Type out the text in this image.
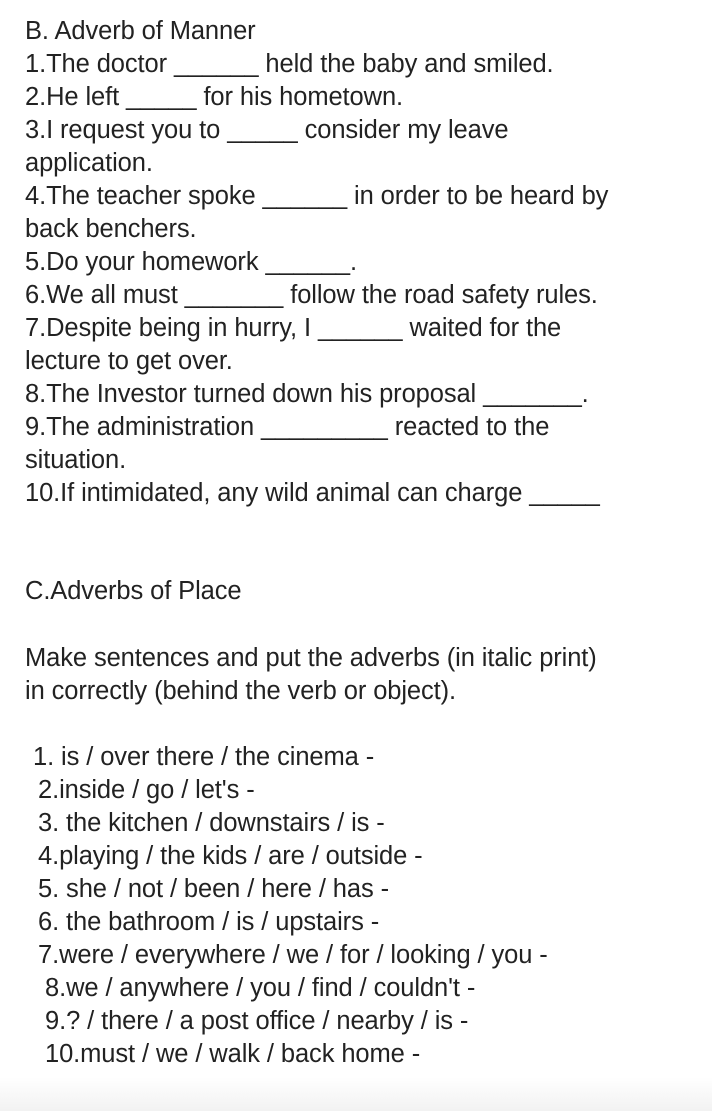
B. Adverb of Manner
1.The doctor ______ held the baby and smiled.
2.He left _____ for his hometown.
3.I request you to _____ consider my leave
application.
4.The teacher spoke ______ in order to be heard by
back benchers.
5.Do your homework ______.
6.We all must _______ follow the road safety rules.
7.Despite being in hurry, I ______ waited for the
lecture to get over.
8.The Investor turned down his proposal _______.
9.The administration _________ reacted to the
situation.
10.If intimidated, any wild animal can charge _____
C.Adverbs of Place
Make sentences and put the adverbs (in italic print)
in correctly (behind the verb or object).
1. is / over there / the cinema -
2.inside / go / let's -
3. the kitchen / downstairs / is -
4.playing / the kids / are / outside -
5. she / not / been / here / has -
6. the bathroom / is / upstairs -
7.were / everywhere / we / for / looking / you -
8.we / anywhere / you / find / couldn't -
9.? / there / a post office / nearby / is -
10.must / we / walk / back home -
